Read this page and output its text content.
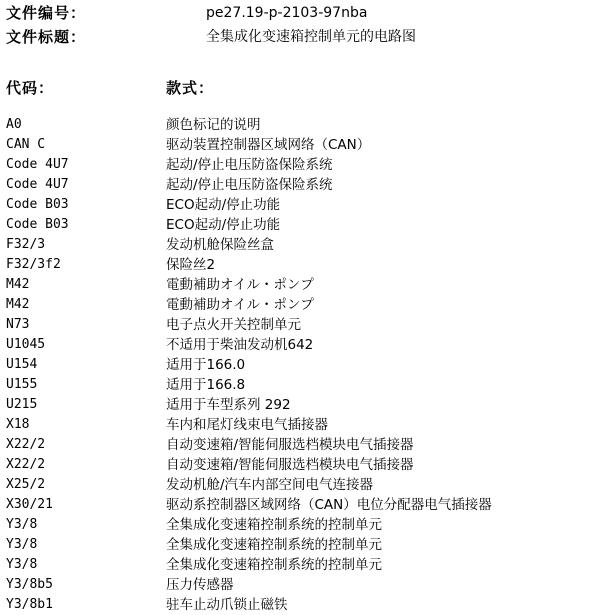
文件编号：	pe27.19-p-2103-97nba
文件标题：	全集成化变速箱控制单元的电路图
代码：	款式：
A0	颜色标记的说明
CAN C	驱动装置控制器区域网络（CAN）
Code 4U7	起动/停止电压防盗保险系统
Code 4U7	起动/停止电压防盗保险系统
Code B03	ECO起动/停止功能
Code B03	ECO起动/停止功能
F32/3	发动机舱保险丝盒
F32/3f2	保险丝2
M42	電動補助オイル・ポンプ
M42	電動補助オイル・ポンプ
N73	电子点火开关控制单元
U1045	不适用于柴油发动机642
U154	适用于166.0
U155	适用于166.8
U215	适用于车型系列 292
X18	车内和尾灯线束电气插接器
X22/2	自动变速箱/智能伺服选档模块电气插接器
X22/2	自动变速箱/智能伺服选档模块电气插接器
X25/2	发动机舱/汽车内部空间电气连接器
X30/21	驱动系控制器区域网络（CAN）电位分配器电气插接器
Y3/8	全集成化变速箱控制系统的控制单元
Y3/8	全集成化变速箱控制系统的控制单元
Y3/8	全集成化变速箱控制系统的控制单元
Y3/8b5	压力传感器
Y3/8b1	驻车止动爪锁止磁铁
